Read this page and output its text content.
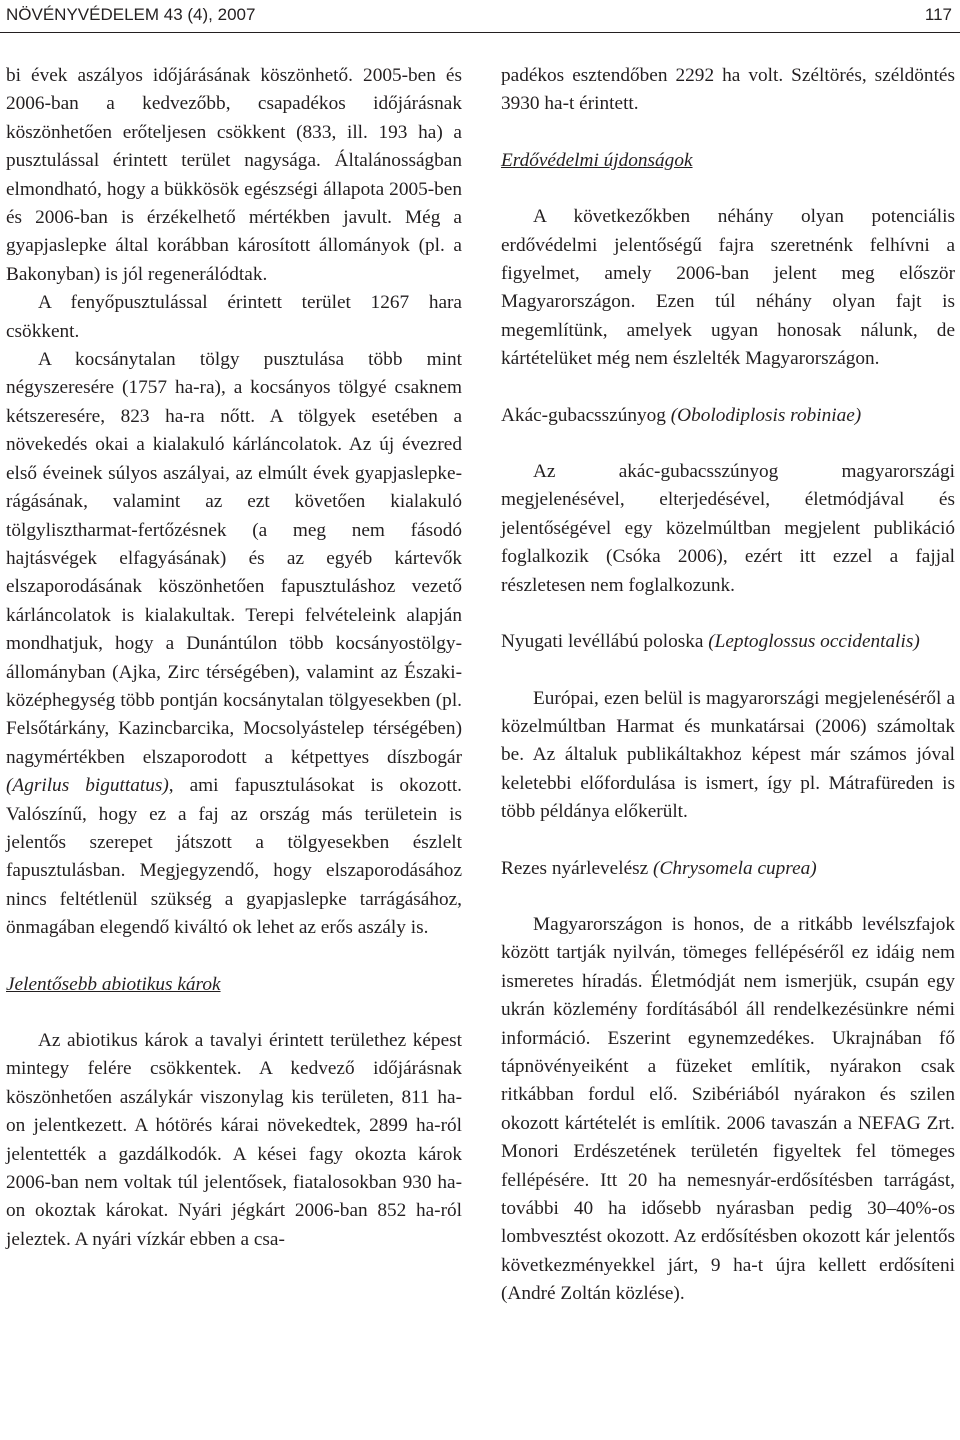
NÖVÉNYVÉDELEM 43 (4), 2007	117

bi évek aszályos időjárásának köszönhető. 2005-ben és 2006-ban a kedvezőbb, csapadékos időjárásnak köszönhetően erőteljesen csökkent (833, ill. 193 ha) a pusztulással érintett terület nagysága. Általánosságban elmondható, hogy a bükkösök egészségi állapota 2005-ben és 2006-ban is érzékelhető mértékben javult. Még a gyapjaslepke által korábban károsított állományok (pl. a Bakonyban) is jól regenerálódtak.

A fenyőpusztulással érintett terület 1267 hara csökkent.

A kocsánytalan tölgy pusztulása több mint négyszeresére (1757 ha-ra), a kocsányos tölgyé csaknem kétszeresére, 823 ha-ra nőtt. A tölgyek esetében a növekedés okai a kialakuló kárláncolatok. Az új évezred első éveinek súlyos aszályai, az elmúlt évek gyapjaslepke-rágásának, valamint az ezt követően kialakuló tölgylisztharmat-fertőzésnek (a meg nem fásodó hajtásvégek elfagyásának) és az egyéb kártevők elszaporodásának köszönhetően fapusztuláshoz vezető kárláncolatok is kialakultak. Terepi felvételeink alapján mondhatjuk, hogy a Dunántúlon több kocsányostölgy-állományban (Ajka, Zirc térségében), valamint az Északi-középhegység több pontján kocsánytalan tölgyesekben (pl. Felsőtárkány, Kazincbarcika, Mocsolyástelep térségében) nagymértékben elszaporodott a kétpettyes díszbogár (Agrilus biguttatus), ami fapusztulásokat is okozott. Valószínű, hogy ez a faj az ország más területein is jelentős szerepet játszott a tölgyesekben észlelt fapusztulásban. Megjegyzendő, hogy elszaporodásához nincs feltétlenül szükség a gyapjaslepke tarrágásához, önmagában elegendő kiváltó ok lehet az erős aszály is.

Jelentősebb abiotikus károk

Az abiotikus károk a tavalyi érintett területhez képest mintegy felére csökkentek. A kedvező időjárásnak köszönhetően aszálykár viszonylag kis területen, 811 ha-on jelentkezett. A hótörés kárai növekedtek, 2899 ha-ról jelentették a gazdálkodók. A kései fagy okozta károk 2006-ban nem voltak túl jelentősek, fiatalosokban 930 ha-on okoztak károkat. Nyári jégkárt 2006-ban 852 ha-ról jeleztek. A nyári vízkár ebben a csa-

padékos esztendőben 2292 ha volt. Széltörés, széldöntés 3930 ha-t érintett.

Erdővédelmi újdonságok

A következőkben néhány olyan potenciális erdővédelmi jelentőségű fajra szeretnénk felhívni a figyelmet, amely 2006-ban jelent meg először Magyarországon. Ezen túl néhány olyan fajt is megemlítünk, amelyek ugyan honosak nálunk, de kártételüket még nem észlelték Magyarországon.

Akác-gubacsszúnyog (Obolodiplosis robiniae)

Az akác-gubacsszúnyog magyarországi megjelenésével, elterjedésével, életmódjával és jelentőségével egy közelmúltban megjelent publikáció foglalkozik (Csóka 2006), ezért itt ezzel a fajjal részletesen nem foglalkozunk.

Nyugati levéllábú poloska (Leptoglossus occidentalis)

Európai, ezen belül is magyarországi megjelenéséről a közelmúltban Harmat és munkatársai (2006) számoltak be. Az általuk publikáltakhoz képest már számos jóval keletebbi előfordulása is ismert, így pl. Mátrafüreden is több példánya előkerült.

Rezes nyárlevelész (Chrysomela cuprea)

Magyarországon is honos, de a ritkább levélszfajok között tartják nyilván, tömeges fellépéséről ez idáig nem ismeretes híradás. Életmódját nem ismerjük, csupán egy ukrán közlemény fordításából áll rendelkezésünkre némi információ. Eszerint egynemzedékes. Ukrajnában fő tápnövényeiként a füzeket említik, nyárakon csak ritkábban fordul elő. Szibériából nyárakon és szilen okozott kártételét is említik. 2006 tavaszán a NEFAG Zrt. Monori Erdészetének területén figyeltek fel tömeges fellépésére. Itt 20 ha nemesnyár-erdősítésben tarrágást, további 40 ha idősebb nyárasban pedig 30–40%-os lombvesztést okozott. Az erdősítésben okozott kár jelentős következményekkel járt, 9 ha-t újra kellett erdősíteni (André Zoltán közlése).
